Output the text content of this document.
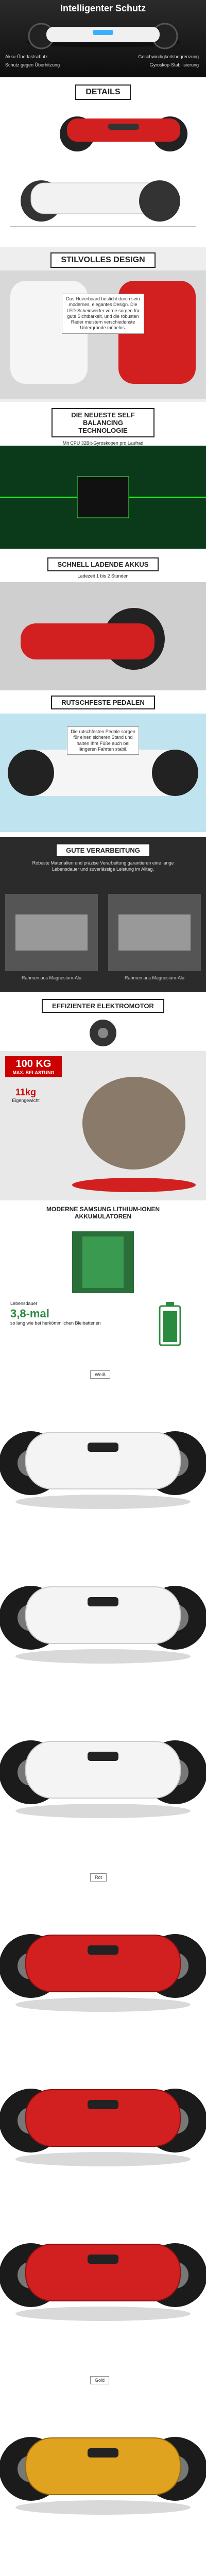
Intelligenter Schutz
Akku-Überlastschutz	Geschwindigkeitsbegrenzung
Schutz gegen Überhitzung	Gyroskop-Stabilisierung
DETAILS
STILVOLLES DESIGN
Das Hoverboard besticht durch sein modernes, elegantes Design. Die LED-Scheinwerfer vorne sorgen für gute Sichtbarkeit, und die robusten Räder meistern verschiedenste Untergründe mühelos.
DIE NEUESTE SELF BALANCING TECHNOLOGIE
Mit CPU 32Bit-Gyroskopen pro Laufrad
SCHNELL LADENDE AKKUS
Ladezeit 1 bis 2 Stunden
RUTSCHFESTE PEDALEN
Die rutschfesten Pedale sorgen für einen sicheren Stand und halten Ihre Füße auch bei längeren Fahrten stabil.
GUTE VERARBEITUNG
Robuste Materialien und präzise Verarbeitung garantieren eine lange Lebensdauer und zuverlässige Leistung im Alltag.
Rahmen aus Magnesium-Alu	Rahmen aus Magnesium-Alu
EFFIZIENTER ELEKTROMOTOR
100 KG
MAX. BELASTUNG
11kg
Eigengewicht
MODERNE SAMSUNG LITHIUM-IONEN AKKUMULATOREN
Lebensdauer
3,8-mal
so lang wie bei herkömmlichen Bleibatterien
Weiß
Rot
Gold
